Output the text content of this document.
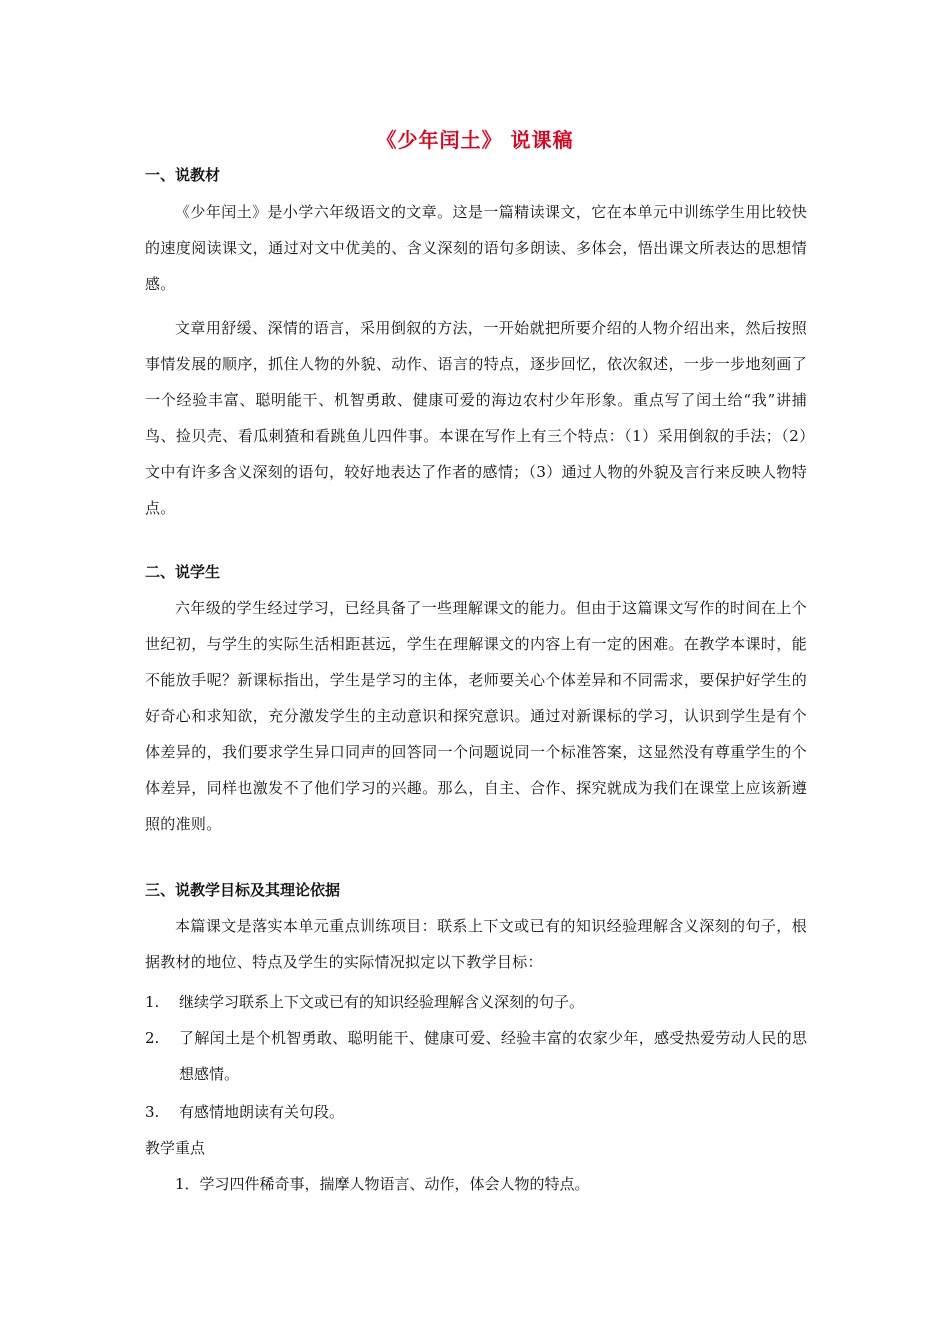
《少年闰土》 说课稿
一、说教材
《少年闰土》是小学六年级语文的文章。这是一篇精读课文，它在本单元中训练学生用比较快的速度阅读课文，通过对文中优美的、含义深刻的语句多朗读、多体会，悟出课文所表达的思想情感。
文章用舒缓、深情的语言，采用倒叙的方法，一开始就把所要介绍的人物介绍出来，然后按照事情发展的顺序，抓住人物的外貌、动作、语言的特点，逐步回忆，依次叙述，一步一步地刻画了一个经验丰富、聪明能干、机智勇敢、健康可爱的海边农村少年形象。重点写了闰土给“我”讲捕鸟、捡贝壳、看瓜刺猹和看跳鱼儿四件事。本课在写作上有三个特点：（1）采用倒叙的手法；（2）文中有许多含义深刻的语句，较好地表达了作者的感情；（3）通过人物的外貌及言行来反映人物特点。
二、说学生
六年级的学生经过学习，已经具备了一些理解课文的能力。但由于这篇课文写作的时间在上个世纪初，与学生的实际生活相距甚远，学生在理解课文的内容上有一定的困难。在教学本课时，能不能放手呢？新课标指出，学生是学习的主体，老师要关心个体差异和不同需求，要保护好学生的好奇心和求知欲，充分激发学生的主动意识和探究意识。通过对新课标的学习，认识到学生是有个体差异的，我们要求学生异口同声的回答同一个问题说同一个标准答案，这显然没有尊重学生的个体差异，同样也激发不了他们学习的兴趣。那么，自主、合作、探究就成为我们在课堂上应该新遵照的准则。
三、说教学目标及其理论依据
本篇课文是落实本单元重点训练项目：联系上下文或已有的知识经验理解含义深刻的句子，根据教材的地位、特点及学生的实际情况拟定以下教学目标：
1.	继续学习联系上下文或已有的知识经验理解含义深刻的句子。
2.	了解闰土是个机智勇敢、聪明能干、健康可爱、经验丰富的农家少年，感受热爱劳动人民的思想感情。
3.	有感情地朗读有关句段。
教学重点
1．学习四件稀奇事，揣摩人物语言、动作，体会人物的特点。
